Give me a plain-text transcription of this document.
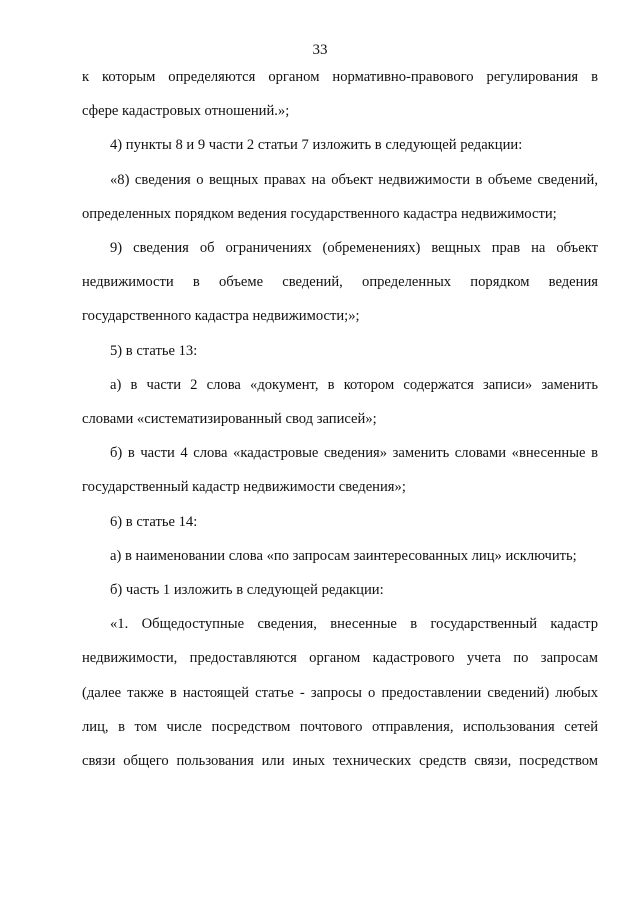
33
к которым определяются органом нормативно-правового регулирования в
сфере кадастровых отношений.»;
4) пункты 8 и 9 части 2 статьи 7 изложить в следующей редакции:
«8) сведения о вещных правах на объект недвижимости в объеме сведений,
определенных порядком ведения государственного кадастра недвижимости;
9) сведения об ограничениях (обременениях) вещных прав на объект
недвижимости в объеме сведений, определенных порядком ведения
государственного кадастра недвижимости;»;
5) в статье 13:
а) в части 2 слова «документ, в котором содержатся записи» заменить
словами «систематизированный свод записей»;
б) в части 4 слова «кадастровые сведения» заменить словами «внесенные в
государственный кадастр недвижимости сведения»;
6) в статье 14:
а) в наименовании слова «по запросам заинтересованных лиц» исключить;
б) часть 1 изложить в следующей редакции:
«1. Общедоступные сведения, внесенные в государственный кадастр
недвижимости, предоставляются органом кадастрового учета по запросам
(далее также в настоящей статье - запросы о предоставлении сведений) любых
лиц, в том числе посредством почтового отправления, использования сетей
связи общего пользования или иных технических средств связи, посредством
